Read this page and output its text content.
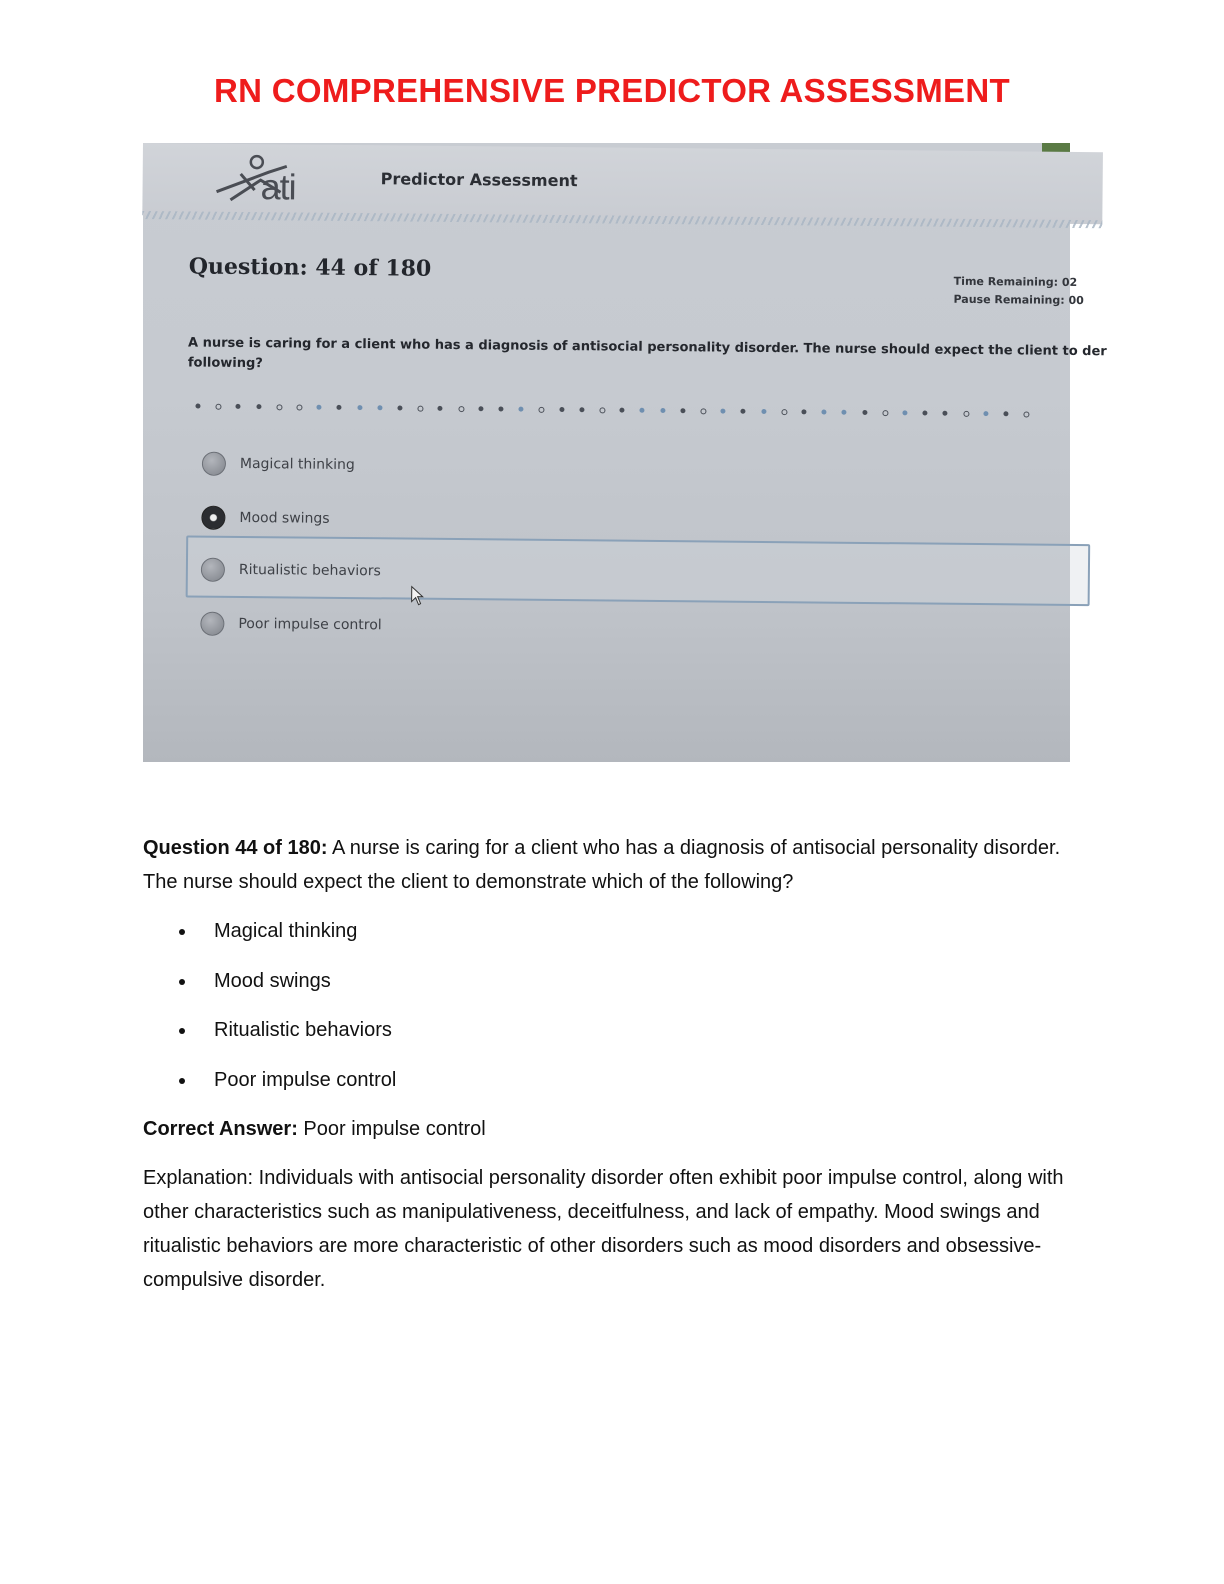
RN COMPREHENSIVE PREDICTOR ASSESSMENT
ati	Predictor Assessment
Question: 44 of 180
Time Remaining: 02
Pause Remaining: 00
A nurse is caring for a client who has a diagnosis of antisocial personality disorder. The nurse should expect the client to der
following?
Magical thinking
Mood swings
Ritualistic behaviors
Poor impulse control
Question 44 of 180: A nurse is caring for a client who has a diagnosis of antisocial personality disorder. The nurse should expect the client to demonstrate which of the following?
Magical thinking
Mood swings
Ritualistic behaviors
Poor impulse control
Correct Answer: Poor impulse control
Explanation: Individuals with antisocial personality disorder often exhibit poor impulse control, along with other characteristics such as manipulativeness, deceitfulness, and lack of empathy. Mood swings and ritualistic behaviors are more characteristic of other disorders such as mood disorders and obsessive-compulsive disorder.
